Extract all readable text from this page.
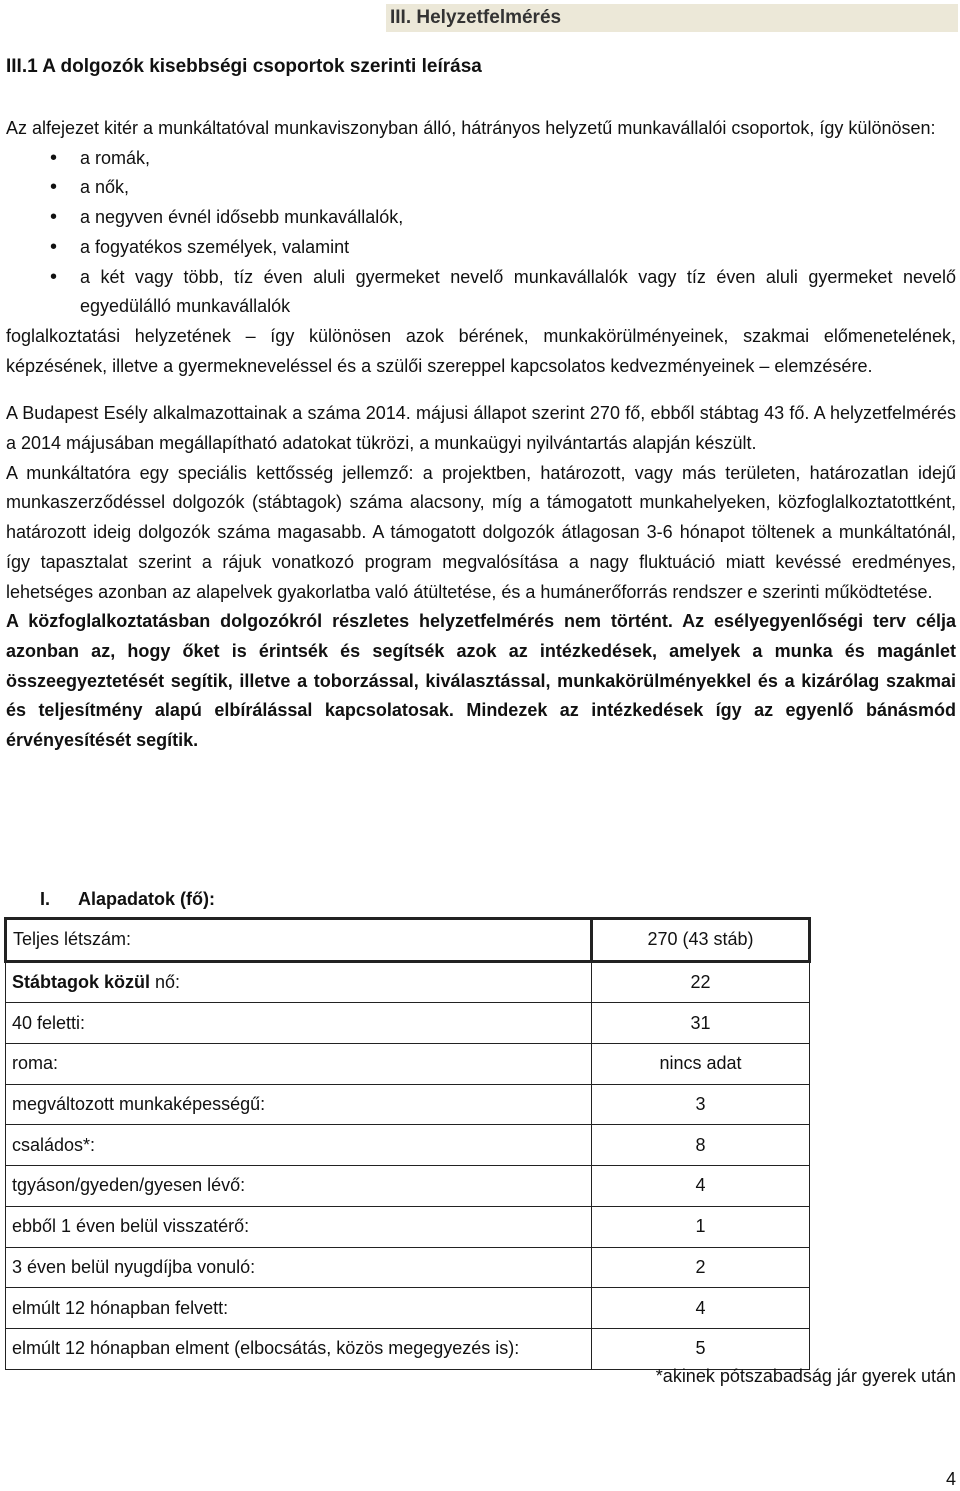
III. Helyzetfelmérés
III.1 A dolgozók kisebbségi csoportok szerinti leírása

Az alfejezet kitér a munkáltatóval munkaviszonyban álló, hátrányos helyzetű munkavállalói csoportok, így különösen:

• a romák,
• a nők,
• a negyven évnél idősebb munkavállalók,
• a fogyatékos személyek, valamint
• a két vagy több, tíz éven aluli gyermeket nevelő munkavállalók vagy tíz éven aluli gyermeket nevelő egyedülálló munkavállalók

foglalkoztatási helyzetének – így különösen azok bérének, munkakörülményeinek, szakmai előmenetelének, képzésének, illetve a gyermekneveléssel és a szülői szereppel kapcsolatos kedvezményeinek – elemzésére.

A Budapest Esély alkalmazottainak a száma 2014. májusi állapot szerint 270 fő, ebből stábtag 43 fő. A helyzetfelmérés a 2014 májusában megállapítható adatokat tükrözi, a munkaügyi nyilvántartás alapján készült.

A munkáltatóra egy speciális kettősség jellemző: a projektben, határozott, vagy más területen, határozatlan idejű munkaszerződéssel dolgozók (stábtagok) száma alacsony, míg a támogatott munkahelyeken, közfoglalkoztatottként, határozott ideig dolgozók száma magasabb. A támogatott dolgozók átlagosan 3-6 hónapot töltenek a munkáltatónál, így tapasztalat szerint a rájuk vonatkozó program megvalósítása a nagy fluktuáció miatt kevéssé eredményes, lehetséges azonban az alapelvek gyakorlatba való átültetése, és a humánerőforrás rendszer e szerinti működtetése.

A közfoglalkoztatásban dolgozókról részletes helyzetfelmérés nem történt. Az esélyegyenlőségi terv célja azonban az, hogy őket is érintsék és segítsék azok az intézkedések, amelyek a munka és magánlet összeegyeztetését segítik, illetve a toborzással, kiválasztással, munkakörülményekkel és a kizárólag szakmai és teljesítmény alapú elbírálással kapcsolatosak. Mindezek az intézkedések így az egyenlő bánásmód érvényesítését segítik.

I. Alapadatok (fő):
Teljes létszám:	270 (43 stáb)
Stábtagok közül nő:	22
40 feletti:	31
roma:	nincs adat
megváltozott munkaképességű:	3
családos*:	8
tgyáson/gyeden/gyesen lévő:	4
ebből 1 éven belül visszatérő:	1
3 éven belül nyugdíjba vonuló:	2
elmúlt 12 hónapban felvett:	4
elmúlt 12 hónapban elment (elbocsátás, közös megegyezés is):	5
*akinek pótszabadság jár gyerek után
4
